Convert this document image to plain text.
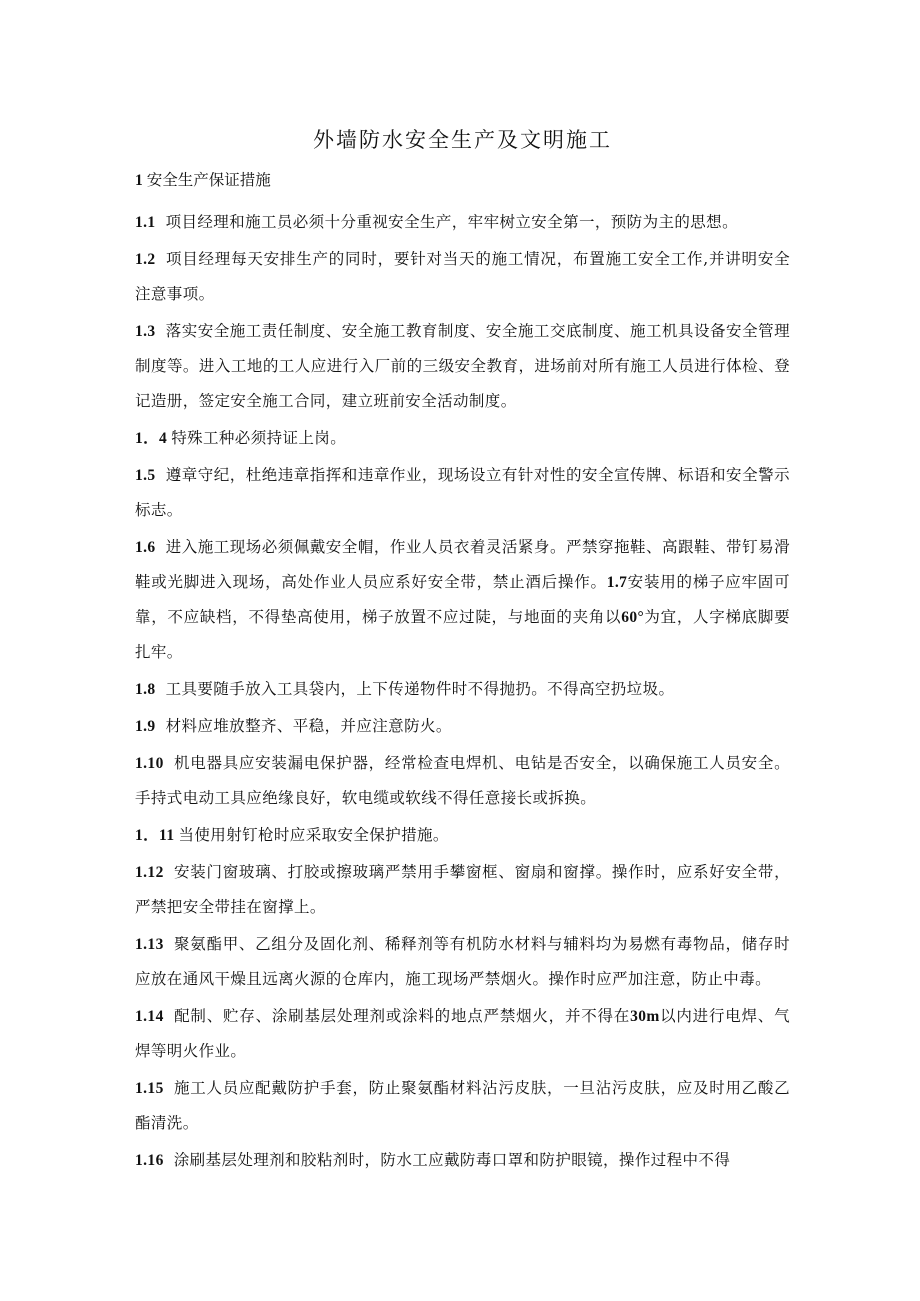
外墙防水安全生产及文明施工

1 安全生产保证措施

1.1 项目经理和施工员必须十分重视安全生产，牢牢树立安全第一，预防为主的思想。

1.2 项目经理每天安排生产的同时，要针对当天的施工情况，布置施工安全工作,并讲明安全注意事项。

1.3 落实安全施工责任制度、安全施工教育制度、安全施工交底制度、施工机具设备安全管理制度等。进入工地的工人应进行入厂前的三级安全教育，进场前对所有施工人员进行体检、登记造册，签定安全施工合同，建立班前安全活动制度。

1．4 特殊工种必须持证上岗。

1.5 遵章守纪，杜绝违章指挥和违章作业，现场设立有针对性的安全宣传牌、标语和安全警示标志。

1.6 进入施工现场必须佩戴安全帽，作业人员衣着灵活紧身。严禁穿拖鞋、高跟鞋、带钉易滑鞋或光脚进入现场，高处作业人员应系好安全带，禁止酒后操作。1.7安装用的梯子应牢固可靠，不应缺档，不得垫高使用，梯子放置不应过陡，与地面的夹角以60°为宜，人字梯底脚要扎牢。

1.8 工具要随手放入工具袋内，上下传递物件时不得抛扔。不得高空扔垃圾。

1.9 材料应堆放整齐、平稳，并应注意防火。

1.10 机电器具应安装漏电保护器，经常检查电焊机、电钻是否安全，以确保施工人员安全。手持式电动工具应绝缘良好，软电缆或软线不得任意接长或拆换。

1．11 当使用射钉枪时应采取安全保护措施。

1.12 安装门窗玻璃、打胶或擦玻璃严禁用手攀窗框、窗扇和窗撑。操作时，应系好安全带，严禁把安全带挂在窗撑上。

1.13 聚氨酯甲、乙组分及固化剂、稀释剂等有机防水材料与辅料均为易燃有毒物品，储存时应放在通风干燥且远离火源的仓库内，施工现场严禁烟火。操作时应严加注意，防止中毒。

1.14 配制、贮存、涂刷基层处理剂或涂料的地点严禁烟火，并不得在30m以内进行电焊、气焊等明火作业。

1.15 施工人员应配戴防护手套，防止聚氨酯材料沾污皮肤，一旦沾污皮肤，应及时用乙酸乙酯清洗。

1.16 涂刷基层处理剂和胶粘剂时，防水工应戴防毒口罩和防护眼镜，操作过程中不得
